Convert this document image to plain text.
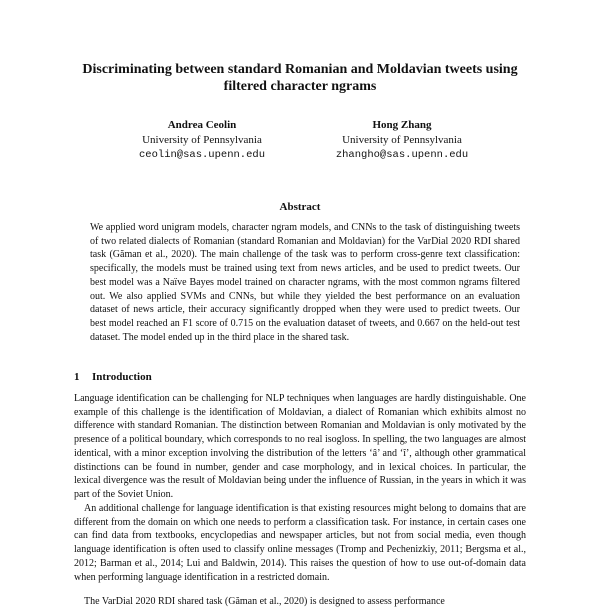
Discriminating between standard Romanian and Moldavian tweets using filtered character ngrams
Andrea Ceolin
University of Pennsylvania
ceolin@sas.upenn.edu
Hong Zhang
University of Pennsylvania
zhangho@sas.upenn.edu
Abstract

We applied word unigram models, character ngram models, and CNNs to the task of distinguishing tweets of two related dialects of Romanian (standard Romanian and Moldavian) for the VarDial 2020 RDI shared task (Găman et al., 2020). The main challenge of the task was to perform cross-genre text classification: specifically, the models must be trained using text from news articles, and be used to predict tweets. Our best model was a Naïve Bayes model trained on character ngrams, with the most common ngrams filtered out. We also applied SVMs and CNNs, but while they yielded the best performance on an evaluation dataset of news article, their accuracy significantly dropped when they were used to predict tweets. Our best model reached an F1 score of 0.715 on the evaluation dataset of tweets, and 0.667 on the held-out test dataset. The model ended up in the third place in the shared task.

1 Introduction

Language identification can be challenging for NLP techniques when languages are hardly distinguishable. One example of this challenge is the identification of Moldavian, a dialect of Romanian which exhibits almost no difference with standard Romanian. The distinction between Romanian and Moldavian is only motivated by the presence of a political boundary, which corresponds to no real isogloss. In spelling, the two languages are almost identical, with a minor exception involving the distribution of the letters ‘â’ and ‘î’, although other grammatical distinctions can be found in number, gender and case morphology, and in lexical choices. In particular, the lexical divergence was the result of Moldavian being under the influence of Russian, in the years in which it was part of the Soviet Union.

An additional challenge for language identification is that existing resources might belong to domains that are different from the domain on which one needs to perform a classification task. For instance, in certain cases one can find data from textbooks, encyclopedias and newspaper articles, but not from social media, even though language identification is often used to classify online messages (Tromp and Pechenizkiy, 2011; Bergsma et al., 2012; Barman et al., 2014; Lui and Baldwin, 2014). This raises the question of how to use out-of-domain data when performing language identification in a restricted domain.

The VarDial 2020 RDI shared task (Găman et al., 2020) is designed to assess performance
